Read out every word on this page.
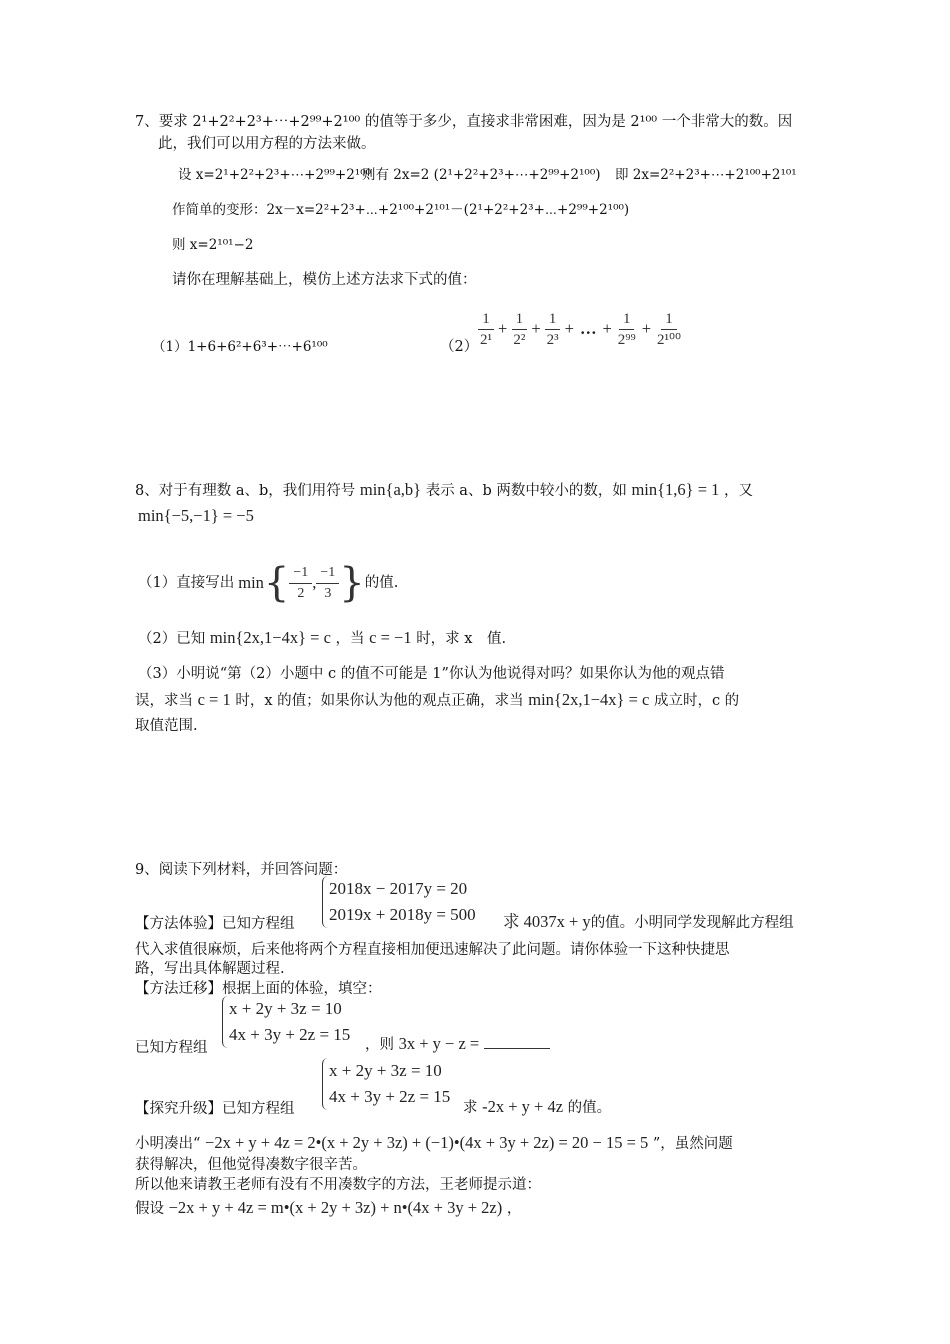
7、要求 2¹+2²+2³+⋯+2⁹⁹+2¹⁰⁰ 的值等于多少，直接求非常困难，因为是 2¹⁰⁰ 一个非常大的数。因
此，我们可以用方程的方法来做。
设 x=2¹+2²+2³+⋯+2⁹⁹+2¹⁰⁰
则有 2x=2 (2¹+2²+2³+⋯+2⁹⁹+2¹⁰⁰) 即 2x=2²+2³+⋯+2¹⁰⁰+2¹⁰¹
作简单的变形：2x－x=2²+2³+⋯+2¹⁰⁰+2¹⁰¹－(2¹+2²+2³+⋯+2⁹⁹+2¹⁰⁰)
则 x=2¹⁰¹−2
请你在理解基础上，模仿上述方法求下式的值：
（1）1+6+6²+6³+⋯+6¹⁰⁰	（2）
$\frac{1}{\text{2¹}} + \frac{1}{\text{2²}} + \frac{1}{\text{2³}}$ + … + $\frac{1}{\text{2⁹⁹}} + \frac{1}{\text{2¹⁰⁰}}$
8、对于有理数 a、b，我们用符号 min{a,b} 表示 a、b 两数中较小的数，如 min{1,6} = 1 ，又
min{−5,−1} = −5
（1）直接写出 min { $\frac{-1}{2}$ , $\frac{-1}{3}$ } 的值.
（2）已知 min{2x,1−4x} = c ，当 c = −1 时，求 x　值.
（3）小明说“第（2）小题中 c 的值不可能是 1”你认为他说得对吗？如果你认为他的观点错
误，求当 c = 1 时，x 的值；如果你认为他的观点正确，求当 min{2x,1−4x} = c 成立时，c 的
取值范围.
9、阅读下列材料，并回答问题：
2018x − 2017y = 20
2019x + 2018y = 500
【方法体验】已知方程组	求 4037x + y的值。小明同学发现解此方程组
代入求值很麻烦，后来他将两个方程直接相加便迅速解决了此问题。请你体验一下这种快捷思
路，写出具体解题过程.
【方法迁移】根据上面的体验，填空：
x + 2y + 3z = 10
4x + 3y + 2z = 15
已知方程组	，则 3x + y − z =
x + 2y + 3z = 10
4x + 3y + 2z = 15
【探究升级】已知方程组	求 -2x + y + 4z 的值。
小明凑出“ −2x + y + 4z = 2•(x + 2y + 3z) + (−1)•(4x + 3y + 2z) = 20 − 15 = 5 ”，虽然问题
获得解决，但他觉得凑数字很辛苦。
所以他来请教王老师有没有不用凑数字的方法，王老师提示道：
假设 −2x + y + 4z = m•(x + 2y + 3z) + n•(4x + 3y + 2z) ，
